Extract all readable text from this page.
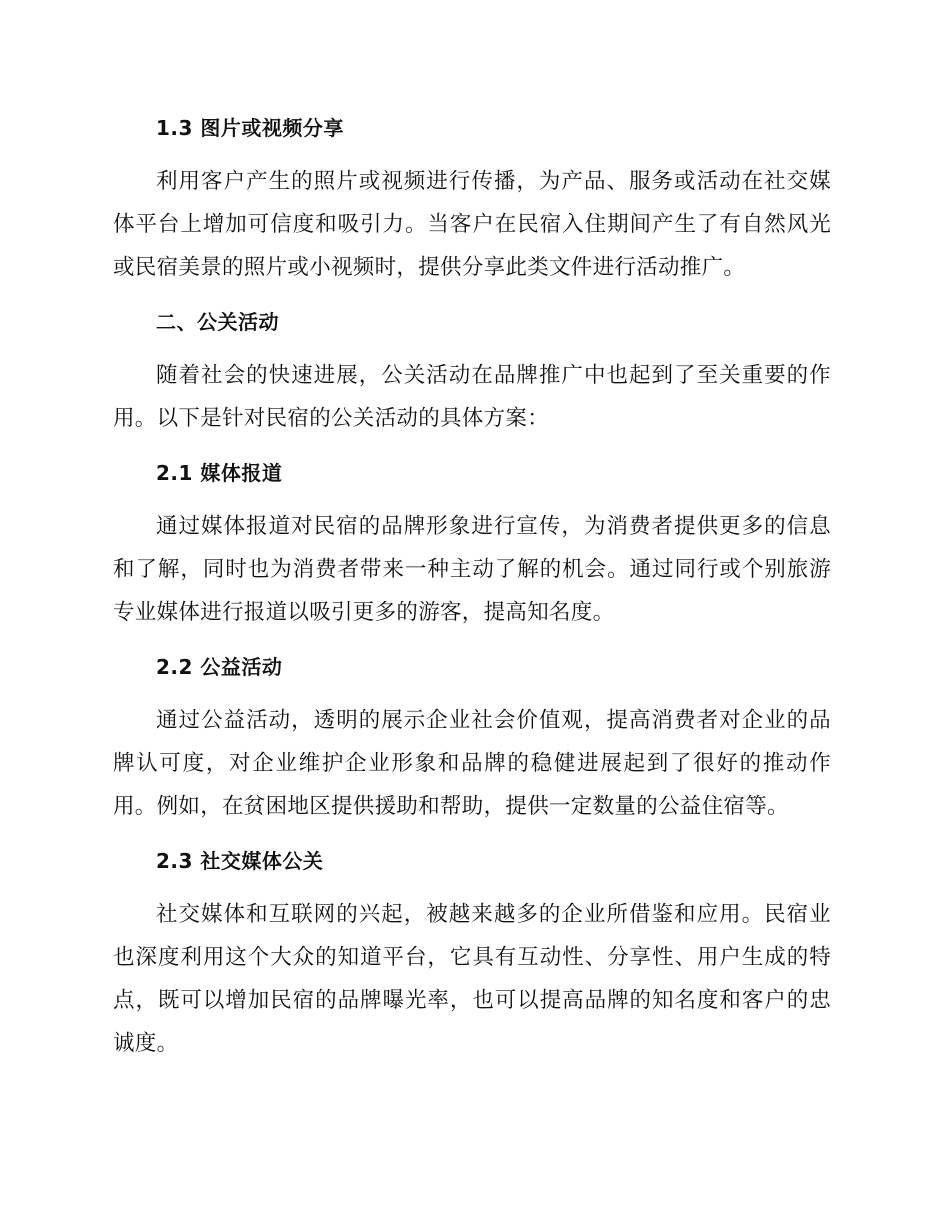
1.3 图片或视频分享

利用客户产生的照片或视频进行传播，为产品、服务或活动在社交媒体平台上增加可信度和吸引力。当客户在民宿入住期间产生了有自然风光或民宿美景的照片或小视频时，提供分享此类文件进行活动推广。

二、公关活动

随着社会的快速进展，公关活动在品牌推广中也起到了至关重要的作用。以下是针对民宿的公关活动的具体方案：

2.1 媒体报道

通过媒体报道对民宿的品牌形象进行宣传，为消费者提供更多的信息和了解，同时也为消费者带来一种主动了解的机会。通过同行或个别旅游专业媒体进行报道以吸引更多的游客，提高知名度。

2.2 公益活动

通过公益活动，透明的展示企业社会价值观，提高消费者对企业的品牌认可度，对企业维护企业形象和品牌的稳健进展起到了很好的推动作用。例如，在贫困地区提供援助和帮助，提供一定数量的公益住宿等。

2.3 社交媒体公关

社交媒体和互联网的兴起，被越来越多的企业所借鉴和应用。民宿业也深度利用这个大众的知道平台，它具有互动性、分享性、用户生成的特点，既可以增加民宿的品牌曝光率，也可以提高品牌的知名度和客户的忠诚度。
